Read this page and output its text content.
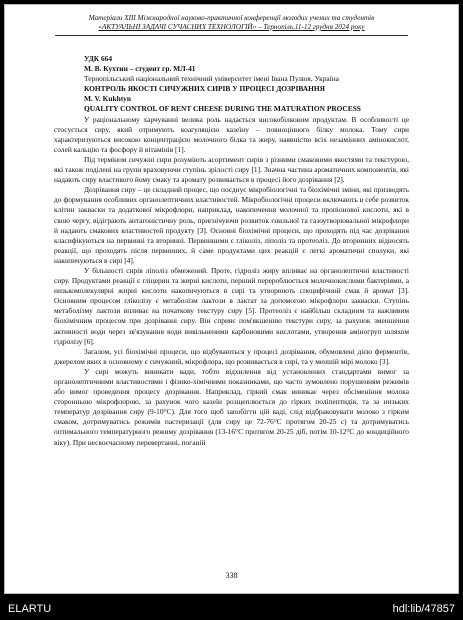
Матеріали XIII Міжнародної науково-практичної конференції молодих учених та студентів
«АКТУАЛЬНІ ЗАДАЧІ СУЧАСНИХ ТЕХНОЛОГІЙ» – Тернопіль,11-12 грудня 2024 року

УДК 664

М. В. Кухтин – студент гр. МЛ-41

Тернопільський національний технічний університет імені Івана Пулюя, Україна

КОНТРОЛЬ ЯКОСТІ СИЧУЖНИХ СИРІВ У ПРОЦЕСІ ДОЗРІВАННЯ

M. V. Kukhtyn

QUALITY CONTROL OF RENT CHEESE DURING THE MATURATION PROCESS

У раціональному харчуванні велика роль надається високобілковим продуктам. В особливості це стосується сиру, який отримують коагуляцією казеїну – повноцінного білку молока. Тому сири характеризуються високою концентрацією молочного білка та жиру, наявністю всіх незамінних амінокислот, солей кальцію та фосфору й вітамінів [1].

Під терміном сичужні сири розуміють асортимент сирів з різними смаковими якостями та текстурою, які також поділені на групи враховуючи ступінь зрілості сиру [1]. Значна частина ароматичних компонентів, які надають сиру властивого йому смаку та аромату розвивається в процесі його дозрівання [2].

Дозрівання сиру – це складний процес, що поєднує мікробіологічні та біохімічні зміни, які призводять до формування особливих органолептичних властивостей. Мікробіологічні процеси включають в себе розвиток клітин закваски та додаткової мікрофлори, наприклад, накопичення молочної та пропіонової кислоти, які в свою чергу, відіграють антагоністичну роль, пригнічуючи розвиток гнильної та газоутворювальної мікрофлори й надають смакових властивостей продукту [3]. Основні біохімічні процеси, що проходять під час дозрівання класифікуються на первинні та вторинні. Первинними є гліколіз, ліполіз та протеоліз. До вторинних відносять реакції, що проходять після первинних, й саме продуктами цих реакцій є легкі ароматичні сполуки, які накопичуються в сирі [4].

У більшості сирів ліполіз обмежений. Проте, гідроліз жиру впливає на органолептичні властивості сиру. Продуктами реакції є гліцерин та жирні кислоти, перший перероблюється молочнокислими бактеріями, а низькомолекулярні жирні кислоти накопичуються в сирі та утворюють специфічний смак й аромат [3]. Основним процесом гліколізу є метаболізм лактози в лактат за допомогою мікрофлори закваски. Ступінь метаболізму лактози впливає на початкову текстуру сиру [5]. Протеоліз є найбільш складним та важливим біохімічним процесом при дозріванні сиру. Він сприяє пом'якшенню текстури сиру, за рахунок зменшення активності води через зв'язування води вивільненими карбоновими кислотами, утворення аміногруп шляхом гідролізу [6].

Загалом, усі біохімічні процеси, що відбуваються у процесі дозрівання, обумовлені дією ферментів, джерелом яких в основному є сичужний, мікрофлора, що розвивається в сирі, та у меншій мірі молоко [3].

У сирі можуть виникати вади, тобто відхилення від установлених стандартами вимог за органолептичними властивостями і фізико-хімічними показниками, що часто зумовлено порушенням режимів або вимог проведення процесу дозрівання. Наприклад, гіркий смак виникає через обсіменіння молока сторонньою мікрофлорою, за рахунок чого казеїн розщеплюється до гірких поліпептидів, та за низьких температур дозрівання сиру (9-10°С). Для того щоб запобігти цій ваді, слід відбраковувати молоко з гірким смаком, дотримуватись режимів пастеризації (для сиру це 72-76°С протягом 20-25 с) та дотримуватись оптимального температурного режиму дозрівання (13-16°С протягом 20-25 діб, потім 10-12°С до кондиційного віку). При несвоєчасному перевертанні, поганій

338
ELARTU	hdl:lib/47857
